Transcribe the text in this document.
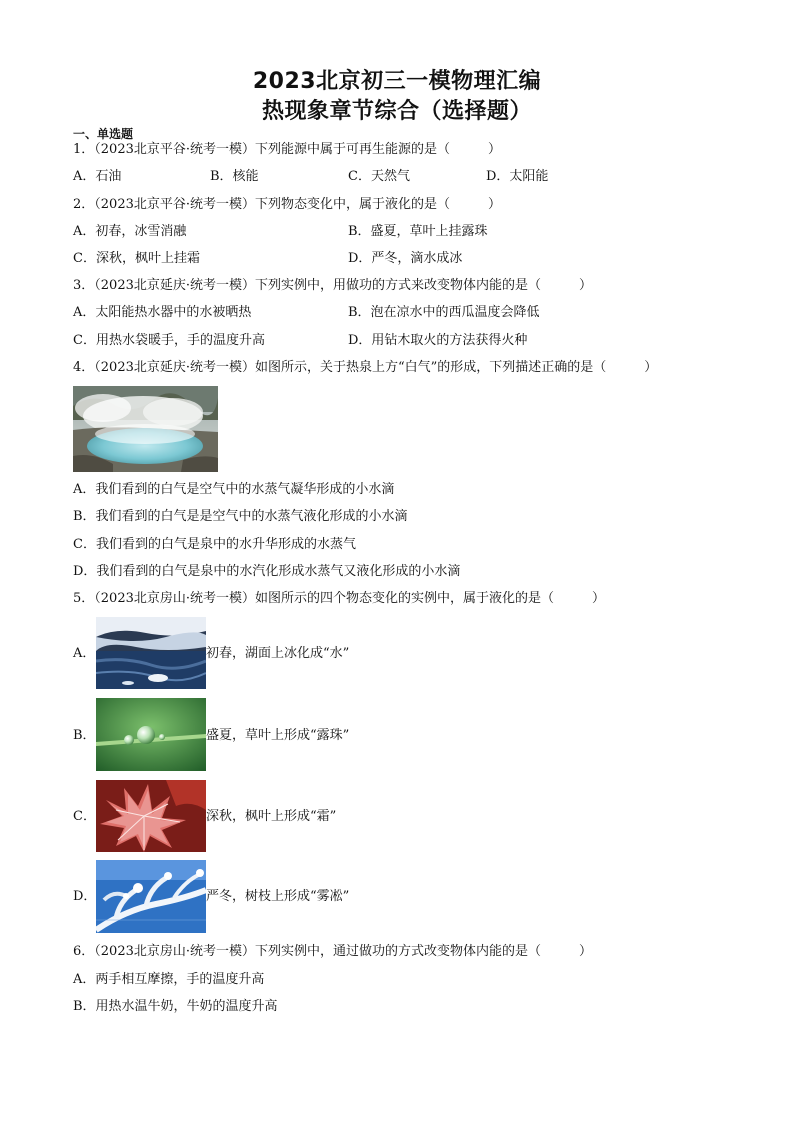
2023北京初三一模物理汇编
热现象章节综合（选择题）
一、单选题
1．（2023北京平谷·统考一模）下列能源中属于可再生能源的是（	）
A．石油	B．核能	C．天然气	D．太阳能
2．（2023北京平谷·统考一模）下列物态变化中，属于液化的是（	）
A．初春，冰雪消融	B．盛夏，草叶上挂露珠
C．深秋，枫叶上挂霜	D．严冬，滴水成冰
3．（2023北京延庆·统考一模）下列实例中，用做功的方式来改变物体内能的是（	）
A．太阳能热水器中的水被晒热	B．泡在凉水中的西瓜温度会降低
C．用热水袋暖手，手的温度升高	D．用钻木取火的方法获得火种
4．（2023北京延庆·统考一模）如图所示，关于热泉上方“白气”的形成，下列描述正确的是（	）
A．我们看到的白气是空气中的水蒸气凝华形成的小水滴
B．我们看到的白气是是空气中的水蒸气液化形成的小水滴
C．我们看到的白气是泉中的水升华形成的水蒸气
D．我们看到的白气是泉中的水汽化形成水蒸气又液化形成的小水滴
5．（2023北京房山·统考一模）如图所示的四个物态变化的实例中，属于液化的是（	）
A．	初春，湖面上冰化成“水”
B．	盛夏，草叶上形成“露珠”
C．	深秋，枫叶上形成“霜”
D．	严冬，树枝上形成“雾凇”
6．（2023北京房山·统考一模）下列实例中，通过做功的方式改变物体内能的是（	）
A．两手相互摩擦，手的温度升高
B．用热水温牛奶，牛奶的温度升高
